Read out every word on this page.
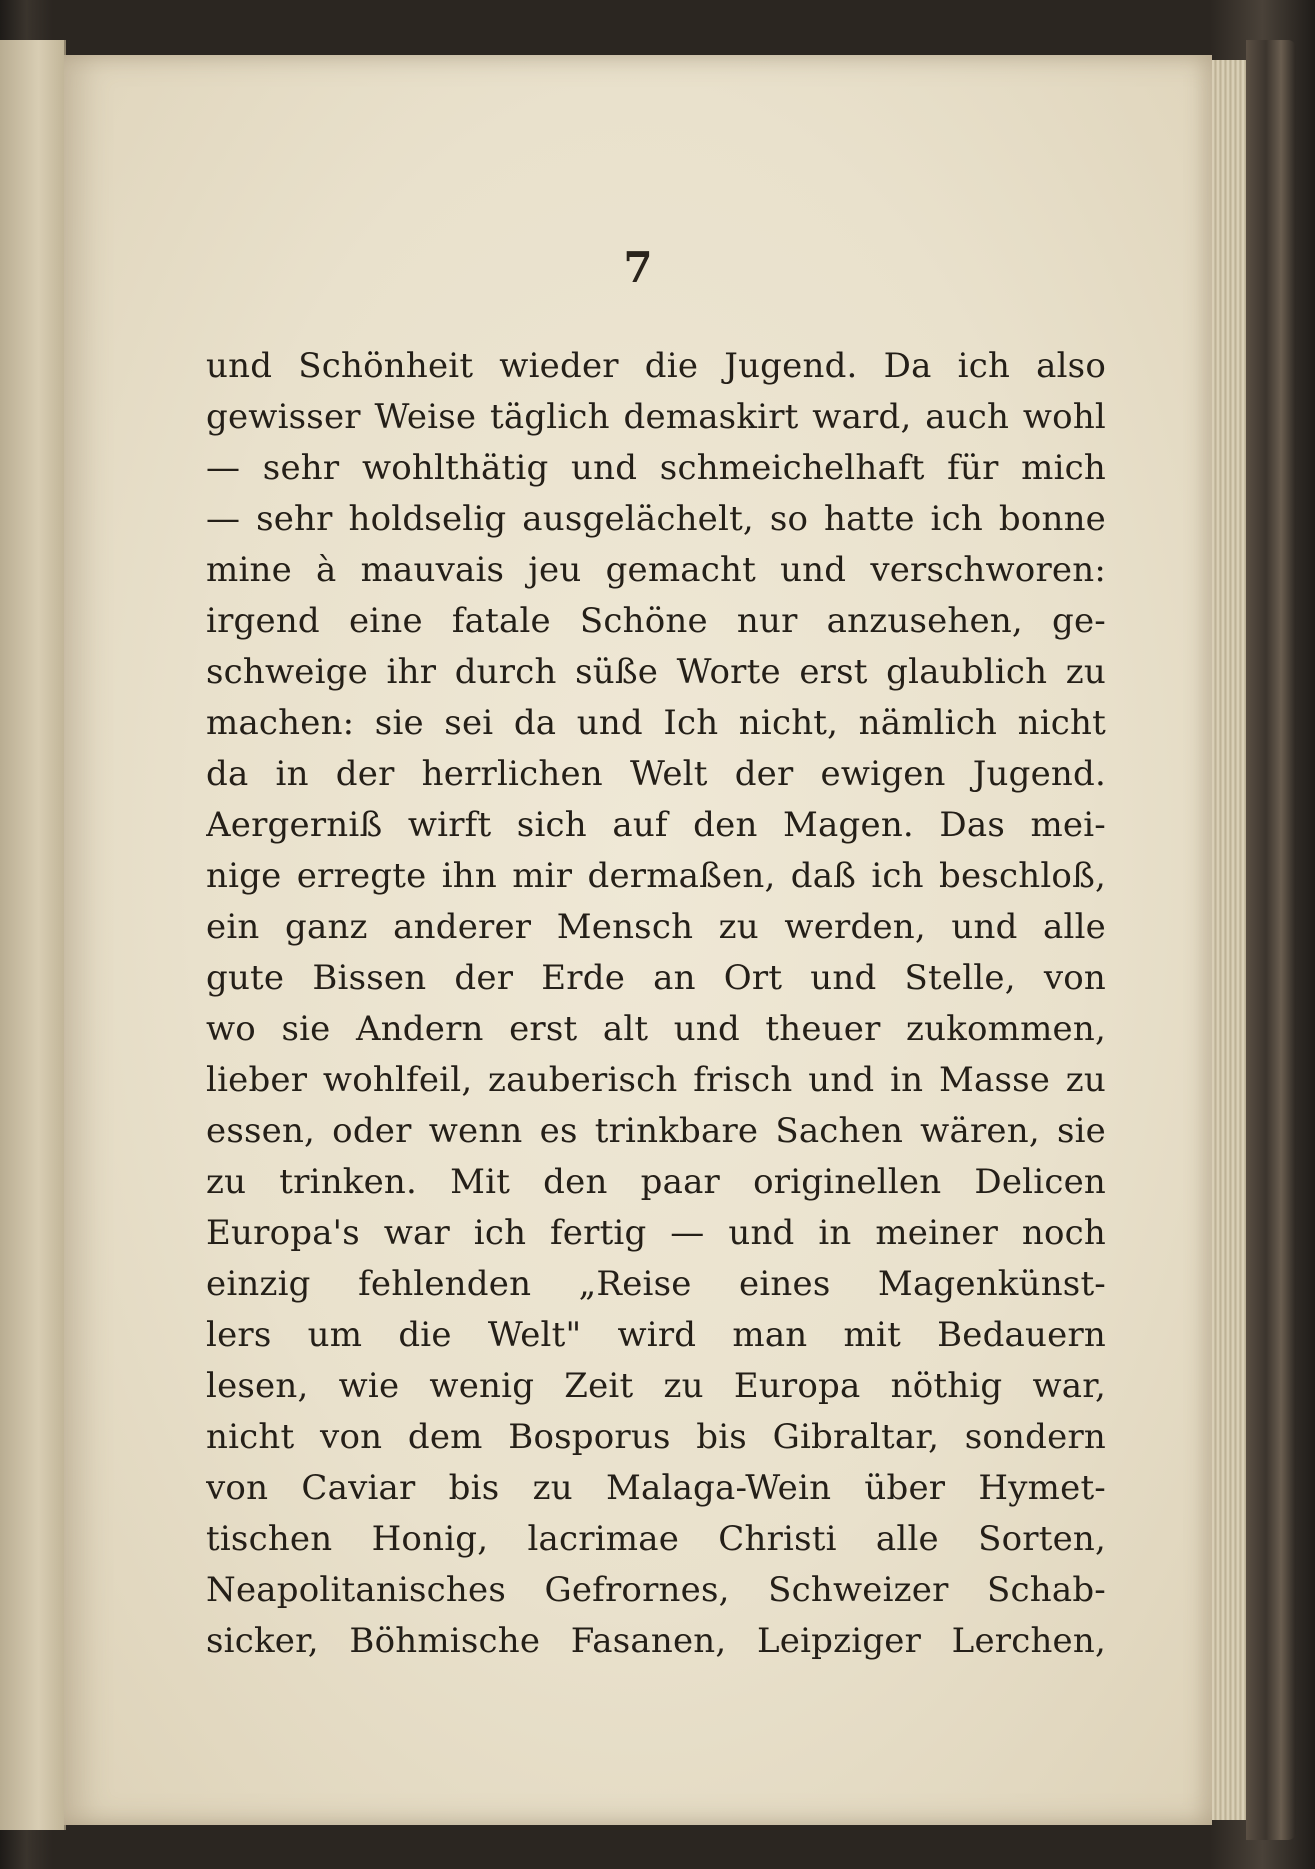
7
und Schönheit wieder die Jugend. Da ich also
gewisser Weise täglich demaskirt ward, auch wohl
— sehr wohlthätig und schmeichelhaft für mich
— sehr holdselig ausgelächelt, so hatte ich bonne
mine à mauvais jeu gemacht und verschworen:
irgend eine fatale Schöne nur anzusehen, ge-
schweige ihr durch süße Worte erst glaublich zu
machen: sie sei da und Ich nicht, nämlich nicht
da in der herrlichen Welt der ewigen Jugend.
Aergerniß wirft sich auf den Magen. Das mei-
nige erregte ihn mir dermaßen, daß ich beschloß,
ein ganz anderer Mensch zu werden, und alle
gute Bissen der Erde an Ort und Stelle, von
wo sie Andern erst alt und theuer zukommen,
lieber wohlfeil, zauberisch frisch und in Masse zu
essen, oder wenn es trinkbare Sachen wären, sie
zu trinken. Mit den paar originellen Delicen
Europa's war ich fertig — und in meiner noch
einzig fehlenden „Reise eines Magenkünst-
lers um die Welt" wird man mit Bedauern
lesen, wie wenig Zeit zu Europa nöthig war,
nicht von dem Bosporus bis Gibraltar, sondern
von Caviar bis zu Malaga-Wein über Hymet-
tischen Honig, lacrimae Christi alle Sorten,
Neapolitanisches Gefrornes, Schweizer Schab-
sicker, Böhmische Fasanen, Leipziger Lerchen,
